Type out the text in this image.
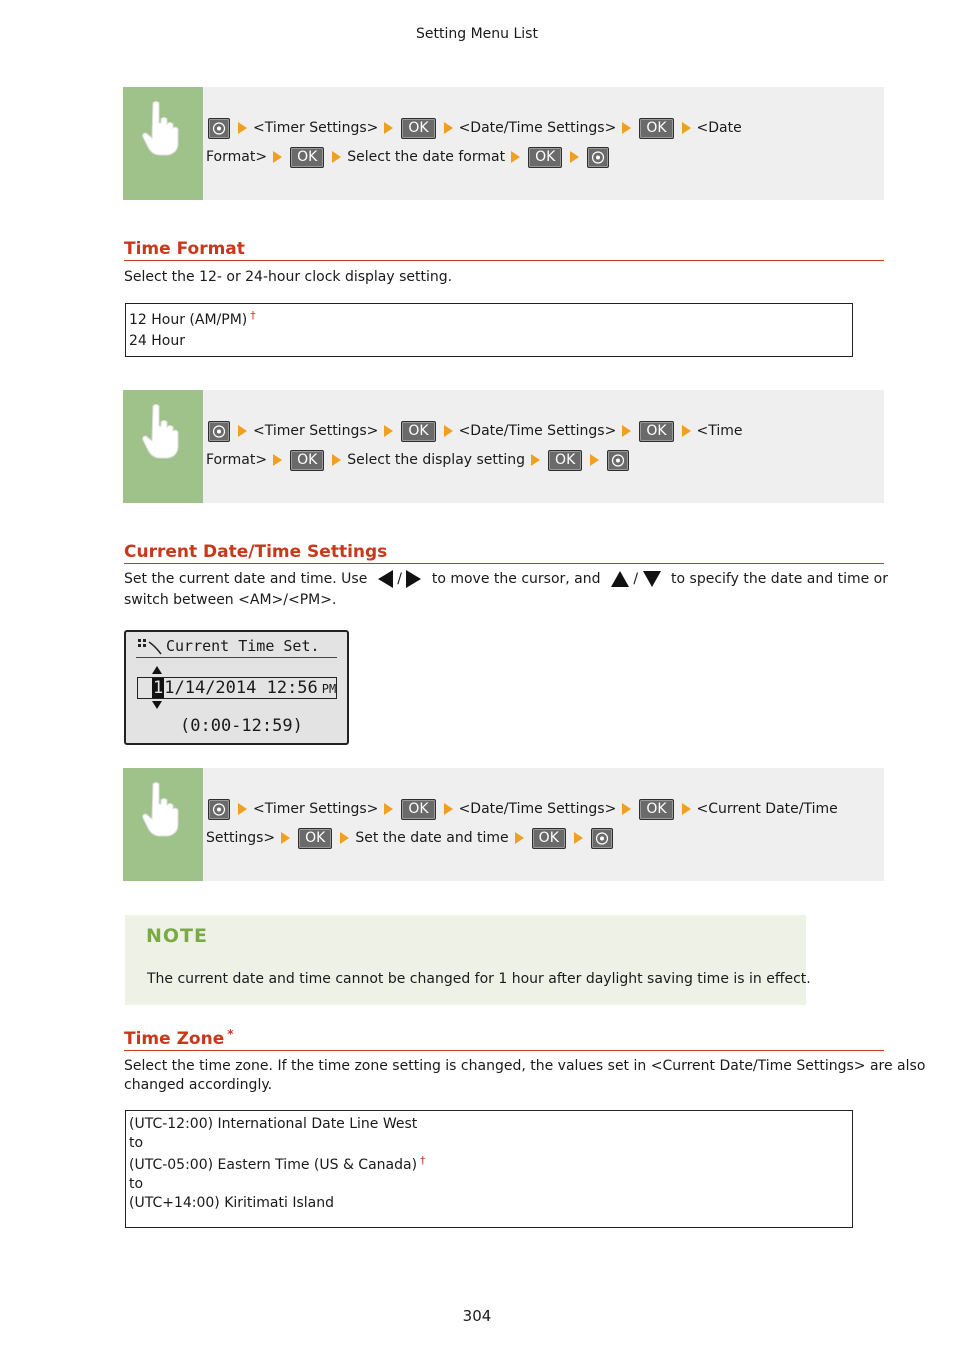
Setting Menu List
<Timer Settings>	OK	<Date/Time Settings>	OK	<Date
Format>	OK	Select the date format	OK
Time Format
Select the 12- or 24-hour clock display setting.
12 Hour (AM/PM) †
24 Hour
<Timer Settings>	OK	<Date/Time Settings>	OK	<Time
Format>	OK	Select the display setting	OK
Current Date/Time Settings
Set the current date and time. Use / to move the cursor, and / to specify the date and time or
switch between <AM>/<PM>.
Current Time Set.
11/14/2014 12:56 PM
(0:00-12:59)
<Timer Settings>	OK	<Date/Time Settings>	OK	<Current Date/Time
Settings>	OK	Set the date and time	OK
NOTE
The current date and time cannot be changed for 1 hour after daylight saving time is in effect.
Time Zone *
Select the time zone. If the time zone setting is changed, the values set in <Current Date/Time Settings> are also
changed accordingly.
(UTC-12:00) International Date Line West
to
(UTC-05:00) Eastern Time (US & Canada) †
to
(UTC+14:00) Kiritimati Island
304
